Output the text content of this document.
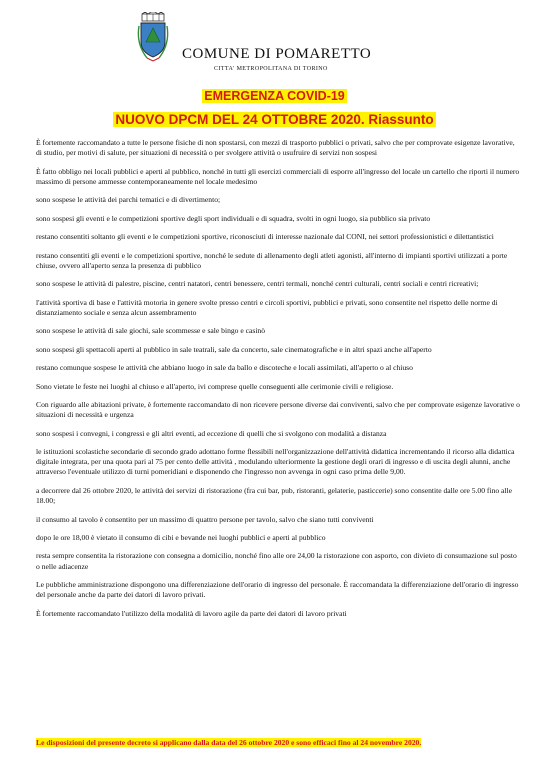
COMUNE DI POMARETTO
CITTA' METROPOLITANA DI TORINO
EMERGENZA COVID-19
NUOVO DPCM DEL 24 OTTOBRE 2020. Riassunto

È fortemente raccomandato a tutte le persone fisiche di non spostarsi, con mezzi di trasporto pubblici o privati, salvo che per comprovate esigenze lavorative, di studio, per motivi di salute, per situazioni di necessità o per svolgere attività o usufruire di servizi non sospesi

È fatto obbligo nei locali pubblici e aperti al pubblico, nonché in tutti gli esercizi commerciali di esporre all'ingresso del locale un cartello che riporti il numero massimo di persone ammesse contemporaneamente nel locale medesimo

sono sospese le attività dei parchi tematici e di divertimento;

sono sospesi gli eventi e le competizioni sportive degli sport individuali e di squadra, svolti in ogni luogo, sia pubblico sia privato

restano consentiti soltanto gli eventi e le competizioni sportive, riconosciuti di interesse nazionale dal CONI, nei settori professionistici e dilettantistici

restano consentiti gli eventi e le competizioni sportive, nonché le sedute di allenamento degli atleti agonisti, all'interno di impianti sportivi utilizzati a porte chiuse, ovvero all'aperto senza la presenza di pubblico

sono sospese le attività di palestre, piscine, centri natatori, centri benessere, centri termali, nonché centri culturali, centri sociali e centri ricreativi;

l'attività sportiva di base e l'attività motoria in genere svolte presso centri e circoli sportivi, pubblici e privati, sono consentite nel rispetto delle norme di distanziamento sociale e senza alcun assembramento

sono sospese le attività di sale giochi, sale scommesse e sale bingo e casinò

sono sospesi gli spettacoli aperti al pubblico in sale teatrali, sale da concerto, sale cinematografiche e in altri spazi anche all'aperto

restano comunque sospese le attività che abbiano luogo in sale da ballo e discoteche e locali assimilati, all'aperto o al chiuso

Sono vietate le feste nei luoghi al chiuso e all'aperto, ivi comprese quelle conseguenti alle cerimonie civili e religiose.

Con riguardo alle abitazioni private, è fortemente raccomandato di non ricevere persone diverse dai conviventi, salvo che per comprovate esigenze lavorative o situazioni di necessità e urgenza

sono sospesi i convegni, i congressi e gli altri eventi, ad eccezione di quelli che si svolgono con modalità a distanza

le istituzioni scolastiche secondarie di secondo grado adottano forme flessibili nell'organizzazione dell'attività didattica incrementando il ricorso alla didattica digitale integrata, per una quota pari al 75 per cento delle attività , modulando ulteriormente la gestione degli orari di ingresso e di uscita degli alunni, anche attraverso l'eventuale utilizzo di turni pomeridiani e disponendo che l'ingresso non avvenga in ogni caso prima delle 9,00.

a decorrere dal 26 ottobre 2020, le attività dei servizi di ristorazione (fra cui bar, pub, ristoranti, gelaterie, pasticcerie) sono consentite dalle ore 5.00 fino alle 18.00;

il consumo al tavolo è consentito per un massimo di quattro persone per tavolo, salvo che siano tutti conviventi

dopo le ore 18,00 è vietato il consumo di cibi e bevande nei luoghi pubblici e aperti al pubblico

resta sempre consentita la ristorazione con consegna a domicilio, nonché fino alle ore 24,00 la ristorazione con asporto, con divieto di consumazione sul posto o nelle adiacenze

Le pubbliche amministrazione dispongono una differenziazione dell'orario di ingresso del personale. È raccomandata la differenziazione dell'orario di ingresso del personale anche da parte dei datori di lavoro privati.

È fortemente raccomandato l'utilizzo della modalità di lavoro agile da parte dei datori di lavoro privati

Le disposizioni del presente decreto si applicano dalla data del 26 ottobre 2020 e sono efficaci fino al 24 novembre 2020.
